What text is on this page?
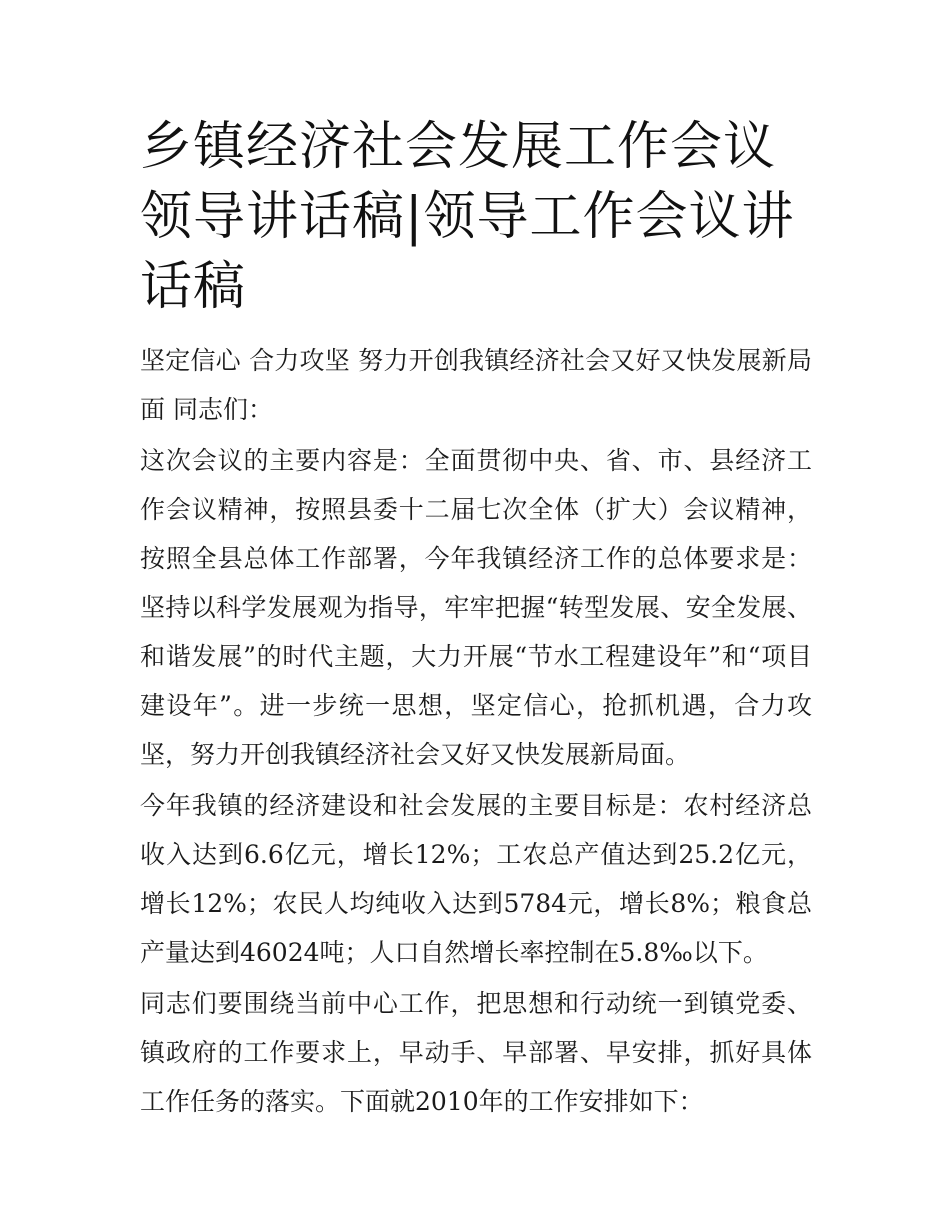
乡镇经济社会发展工作会议领导讲话稿|领导工作会议讲话稿

坚定信心 合力攻坚 努力开创我镇经济社会又好又快发展新局面 同志们：

这次会议的主要内容是：全面贯彻中央、省、市、县经济工作会议精神，按照县委十二届七次全体（扩大）会议精神，按照全县总体工作部署，今年我镇经济工作的总体要求是：坚持以科学发展观为指导，牢牢把握“转型发展、安全发展、和谐发展”的时代主题，大力开展“节水工程建设年”和“项目建设年”。进一步统一思想，坚定信心，抢抓机遇，合力攻坚，努力开创我镇经济社会又好又快发展新局面。

今年我镇的经济建设和社会发展的主要目标是：农村经济总收入达到6.6亿元，增长12%；工农总产值达到25.2亿元，增长12%；农民人均纯收入达到5784元，增长8%；粮食总产量达到46024吨；人口自然增长率控制在5.8‰以下。

同志们要围绕当前中心工作，把思想和行动统一到镇党委、镇政府的工作要求上，早动手、早部署、早安排，抓好具体工作任务的落实。下面就2010年的工作安排如下：
